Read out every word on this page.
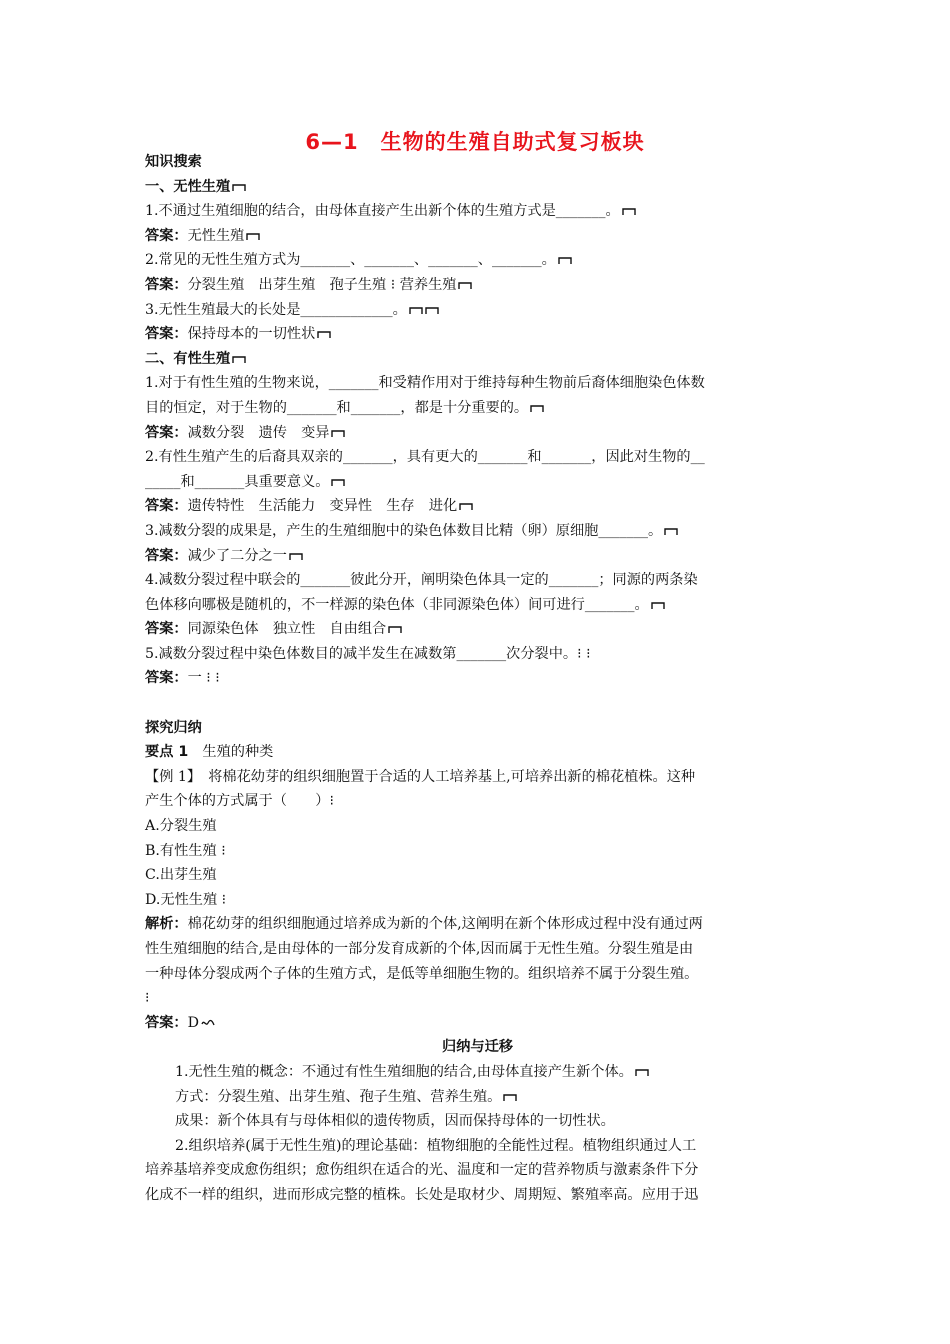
6—1　生物的生殖自助式复习板块
知识搜索
一、无性生殖
1.不通过生殖细胞的结合，由母体直接产生出新个体的生殖方式是_______。
答案：无性生殖
2.常见的无性生殖方式为_______、_______、_______、_______。
答案：分裂生殖　出芽生殖　孢子生殖 ⁝ 营养生殖
3.无性生殖最大的长处是_____________。
答案：保持母本的一切性状
二、有性生殖
1.对于有性生殖的生物来说，_______和受精作用对于维持每种生物前后裔体细胞染色体数
目的恒定，对于生物的_______和_______，都是十分重要的。
答案：减数分裂　遗传　变异
2.有性生殖产生的后裔具双亲的_______，具有更大的_______和_______，因此对生物的__
_____和_______具重要意义。
答案：遗传特性　生活能力　变异性　生存　进化
3.减数分裂的成果是，产生的生殖细胞中的染色体数目比精（卵）原细胞_______。
答案：减少了二分之一
4.减数分裂过程中联会的_______彼此分开，阐明染色体具一定的_______；同源的两条染
色体移向哪极是随机的，不一样源的染色体（非同源染色体）间可进行_______。
答案：同源染色体　独立性　自由组合
5.减数分裂过程中染色体数目的减半发生在减数第_______次分裂中。⁝ ⁝
答案：一 ⁝ ⁝
探究归纳
要点 1　生殖的种类
【例 1】　将棉花幼芽的组织细胞置于合适的人工培养基上,可培养出新的棉花植株。这种
产生个体的方式属于（　　）⁝
A.分裂生殖
B.有性生殖 ⁝
C.出芽生殖
D.无性生殖 ⁝
解析：棉花幼芽的组织细胞通过培养成为新的个体,这阐明在新个体形成过程中没有通过两
性生殖细胞的结合,是由母体的一部分发育成新的个体,因而属于无性生殖。分裂生殖是由
一种母体分裂成两个子体的生殖方式，是低等单细胞生物的。组织培养不属于分裂生殖。
⁝
答案：D
归纳与迁移
1.无性生殖的概念：不通过有性生殖细胞的结合,由母体直接产生新个体。
方式：分裂生殖、出芽生殖、孢子生殖、营养生殖。
成果：新个体具有与母体相似的遗传物质，因而保持母体的一切性状。
2.组织培养(属于无性生殖)的理论基础：植物细胞的全能性过程。植物组织通过人工
培养基培养变成愈伤组织；愈伤组织在适合的光、温度和一定的营养物质与激素条件下分
化成不一样的组织，进而形成完整的植株。长处是取材少、周期短、繁殖率高。应用于迅
